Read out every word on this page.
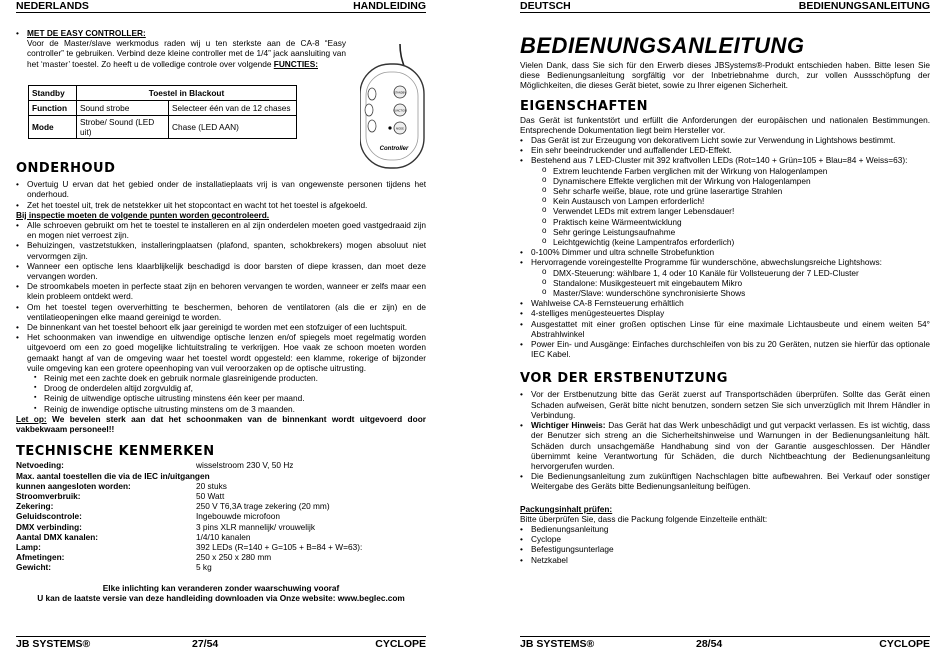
NEDERLANDS	HANDLEIDING
• MET DE EASY CONTROLLER:

Voor de Master/slave werkmodus raden wij u ten sterkste aan de CA-8 “Easy controller” te gebruiken. Verbind deze kleine controller met de 1/4” jack aansluiting van het ‘master’ toestel. Zo heeft u de volledige controle over volgende FUNCTIES:
Standby	Toestel in Blackout	
Function	Sound strobe	Selecteer één van de 12 chases
Mode	Strobe/ Sound (LED uit)	Chase (LED AAN)
ONDERHOUD
• Overtuig U ervan dat het gebied onder de installatieplaats vrij is van ongewenste personen tijdens het onderhoud.
• Zet het toestel uit, trek de netstekker uit het stopcontact en wacht tot het toestel is afgekoeld.
Bij inspectie moeten de volgende punten worden gecontroleerd.
• Alle schroeven gebruikt om het te toestel te installeren en al zijn onderdelen moeten goed vastgedraaid zijn en mogen niet verroest zijn.
• Behuizingen, vastzetstukken, installeringplaatsen (plafond, spanten, schokbrekers) mogen absoluut niet vervormgen zijn.
• Wanneer een optische lens klaarblijkelijk beschadigd is door barsten of diepe krassen, dan moet deze vervangen worden.
• De stroomkabels moeten in perfecte staat zijn en behoren vervangen te worden, wanneer er zelfs maar een klein probleem ontdekt werd.
• Om het toestel tegen oververhitting te beschermen, behoren de ventilatoren (als die er zijn) en de ventilatieopeningen elke maand gereinigd te worden.
• De binnenkant van het toestel behoort elk jaar gereinigd te worden met een stofzuiger of een luchtspuit.
• Het schoonmaken van inwendige en uitwendige optische lenzen en/of spiegels moet regelmatig worden uitgevoerd om een zo goed mogelijke lichtuitstraling te verkrijgen. Hoe vaak ze schoon moeten worden gemaakt hangt af van de omgeving waar het toestel wordt opgesteld: een klamme, rokerige of bijzonder vuile omgeving kan een grotere opeenhoping van vuil veroorzaken op de optische uitrusting.
▪ Reinig met een zachte doek en gebruik normale glasreinigende producten.
▪ Droog de onderdelen altijd zorgvuldig af,
▪ Reinig de uitwendige optische uitrusting minstens één keer per maand.
▪ Reinig de inwendige optische uitrusting minstens om de 3 maanden.
Let op: We bevelen sterk aan dat het schoonmaken van de binnenkant wordt uitgevoerd door vakbekwaam personeel!!
TECHNISCHE KENMERKEN
Netvoeding:	wisselstroom 230 V, 50 Hz
Max. aantal toestellen die via de IEC in/uitgangen
kunnen aangesloten worden:	20 stuks
Stroomverbruik:	50 Watt
Zekering:	250 V T6,3A trage zekering (20 mm)
Geluidscontrole:	Ingebouwde microfoon
DMX verbinding:	3 pins XLR mannelijk/ vrouwelijk
Aantal DMX kanalen:	1/4/10 kanalen
Lamp:	392 LEDs (R=140 + G=105 + B=84 + W=63):
Afmetingen:	250 x 250 x 280 mm
Gewicht:	5 kg
Elke inlichting kan veranderen zonder waarschuwing vooraf
U kan de laatste versie van deze handleiding downloaden via Onze website: www.beglec.com
STANDBY
FUNCTION
MODE
Controller
JB SYSTEMS®	27/54	CYCLOPE
DEUTSCH	BEDIENUNGSANLEITUNG
BEDIENUNGSANLEITUNG
Vielen Dank, dass Sie sich für den Erwerb dieses JBSystems®-Produkt entschieden haben. Bitte lesen Sie diese Bedienungsanleitung sorgfältig vor der Inbetriebnahme durch, zur vollen Aussschöpfung der Möglichkeiten, die dieses Gerät bietet, sowie zu Ihrer eigenen Sicherheit.
EIGENSCHAFTEN
Das Gerät ist funkentstört und erfüllt die Anforderungen der europäischen und nationalen Bestimmungen. Entsprechende Dokumentation liegt beim Hersteller vor.
• Das Gerät ist zur Erzeugung von dekorativem Licht sowie zur Verwendung in Lightshows bestimmt.
• Ein sehr beeindruckender und auffallender LED-Effekt.
• Bestehend aus 7 LED-Cluster mit 392 kraftvollen LEDs (Rot=140 + Grün=105 + Blau=84 + Weiss=63):
o Extrem leuchtende Farben verglichen mit der Wirkung von Halogenlampen
o Dynamischere Effekte verglichen mit der Wirkung von Halogenlampen
o Sehr scharfe weiße, blaue, rote und grüne laserartige Strahlen
o Kein Austausch von Lampen erforderlich!
o Verwendet LEDs mit extrem langer Lebensdauer!
o Praktisch keine Wärmeentwicklung
o Sehr geringe Leistungsaufnahme
o Leichtgewichtig (keine Lampentrafos erforderlich)
• 0-100% Dimmer und ultra schnelle Strobefunktion
• Hervorragende voreingestellte Programme für wunderschöne, abwechslungsreiche Lightshows:
o DMX-Steuerung: wählbare 1, 4 oder 10 Kanäle für Vollsteuerung der 7 LED-Cluster
o Standalone: Musikgesteuert mit eingebautem Mikro
o Master/Slave: wunderschöne synchronisierte Shows
• Wahlweise CA-8 Fernsteuerung erhältlich
• 4-stelliges menügesteuertes Display
• Ausgestattet mit einer großen optischen Linse für eine maximale Lichtausbeute und einem weiten 54° Abstrahlwinkel
• Power Ein- und Ausgänge: Einfaches durchschleifen von bis zu 20 Geräten, nutzen sie hierfür das optionale IEC Kabel.
VOR DER ERSTBENUTZUNG
• Vor der Erstbenutzung bitte das Gerät zuerst auf Transportschäden überprüfen. Sollte das Gerät einen Schaden aufweisen, Gerät bitte nicht benutzen, sondern setzen Sie sich unverzüglich mit Ihrem Händler in Verbindung.
• Wichtiger Hinweis: Das Gerät hat das Werk unbeschädigt und gut verpackt verlassen. Es ist wichtig, dass der Benutzer sich streng an die Sicherheitshinweise und Warnungen in der Bedienungsanleitung hält. Schäden durch unsachgemäße Handhabung sind von der Garantie ausgeschlossen. Der Händler übernimmt keine Verantwortung für Schäden, die durch Nichtbeachtung der Bedienungsanleitung hervorgerufen wurden.
• Die Bedienungsanleitung zum zukünftigen Nachschlagen bitte aufbewahren. Bei Verkauf oder sonstiger Weitergabe des Geräts bitte Bedienungsanleitung beifügen.
Packungsinhalt prüfen:
Bitte überprüfen Sie, dass die Packung folgende Einzelteile enthält:
• Bedienungsanleitung
• Cyclope
• Befestigungsunterlage
• Netzkabel
JB SYSTEMS®	28/54	CYCLOPE
